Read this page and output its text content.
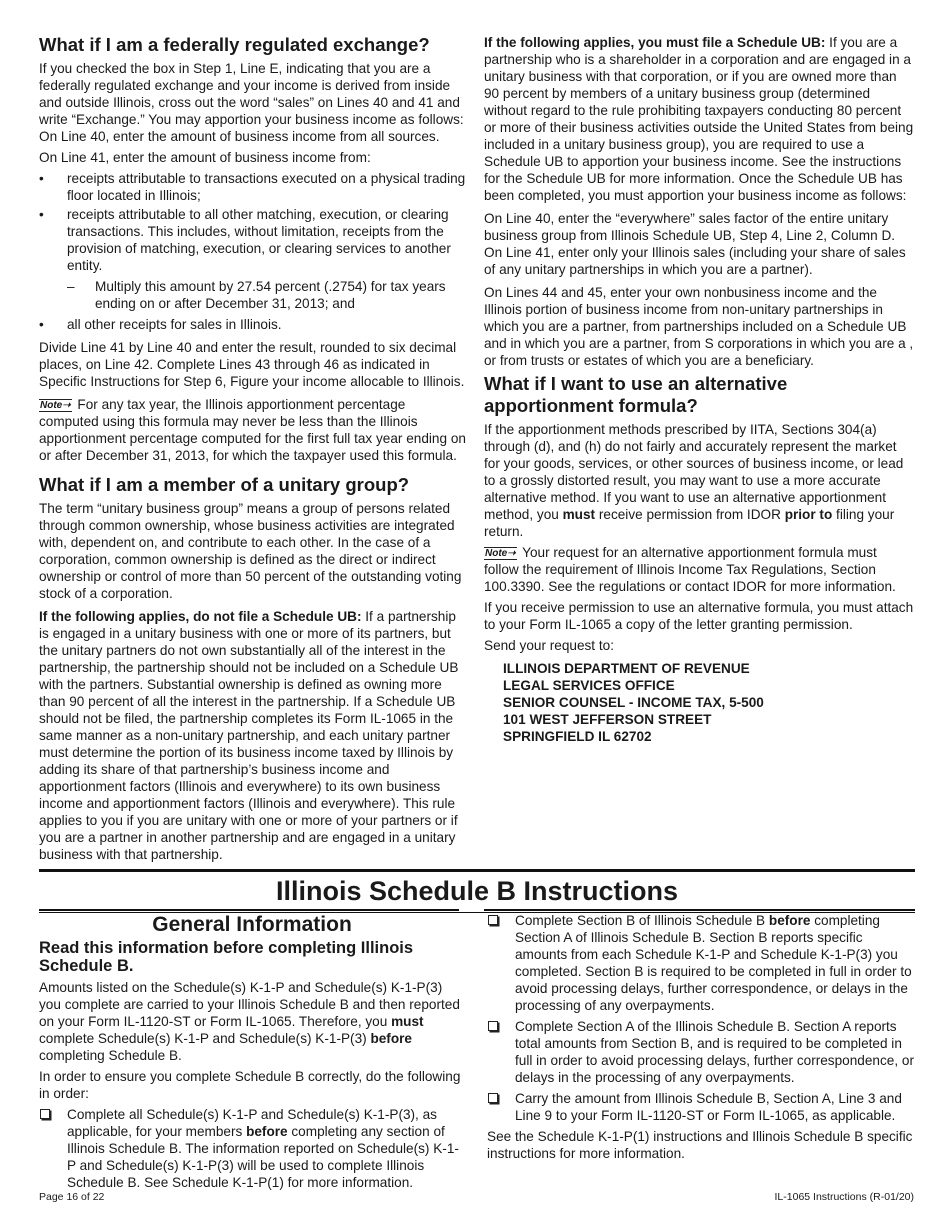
What if I am a federally regulated exchange?

If you checked the box in Step 1, Line E, indicating that you are a federally regulated exchange and your income is derived from inside and outside Illinois, cross out the word “sales” on Lines 40 and 41 and write “Exchange.” You may apportion your business income as follows: On Line 40, enter the amount of business income from all sources.

On Line 41, enter the amount of business income from:

• receipts attributable to transactions executed on a physical trading floor located in Illinois;
• receipts attributable to all other matching, execution, or clearing transactions. This includes, without limitation, receipts from the provision of matching, execution, or clearing services to another entity.
– Multiply this amount by 27.54 percent (.2754) for tax years ending on or after December 31, 2013; and
• all other receipts for sales in Illinois.

Divide Line 41 by Line 40 and enter the result, rounded to six decimal places, on Line 42. Complete Lines 43 through 46 as indicated in Specific Instructions for Step 6, Figure your income allocable to Illinois.

Note➝ For any tax year, the Illinois apportionment percentage computed using this formula may never be less than the Illinois apportionment percentage computed for the first full tax year ending on or after December 31, 2013, for which the taxpayer used this formula.

What if I am a member of a unitary group?

The term “unitary business group” means a group of persons related through common ownership, whose business activities are integrated with, dependent on, and contribute to each other. In the case of a corporation, common ownership is defined as the direct or indirect ownership or control of more than 50 percent of the outstanding voting stock of a corporation.

If the following applies, do not file a Schedule UB: If a partnership is engaged in a unitary business with one or more of its partners, but the unitary partners do not own substantially all of the interest in the partnership, the partnership should not be included on a Schedule UB with the partners. Substantial ownership is defined as owning more than 90 percent of all the interest in the partnership. If a Schedule UB should not be filed, the partnership completes its Form IL-1065 in the same manner as a non-unitary partnership, and each unitary partner must determine the portion of its business income taxed by Illinois by adding its share of that partnership’s business income and apportionment factors (Illinois and everywhere) to its own business income and apportionment factors (Illinois and everywhere). This rule applies to you if you are unitary with one or more of your partners or if you are a partner in another partnership and are engaged in a unitary business with that partnership.

If the following applies, you must file a Schedule UB: If you are a partnership who is a shareholder in a corporation and are engaged in a unitary business with that corporation, or if you are owned more than 90 percent by members of a unitary business group (determined without regard to the rule prohibiting taxpayers conducting 80 percent or more of their business activities outside the United States from being included in a unitary business group), you are required to use a Schedule UB to apportion your business income. See the instructions for the Schedule UB for more information. Once the Schedule UB has been completed, you must apportion your business income as follows:

On Line 40, enter the “everywhere” sales factor of the entire unitary business group from Illinois Schedule UB, Step 4, Line 2, Column D. On Line 41, enter only your Illinois sales (including your share of sales of any unitary partnerships in which you are a partner).

On Lines 44 and 45, enter your own nonbusiness income and the Illinois portion of business income from non-unitary partnerships in which you are a partner, from partnerships included on a Schedule UB and in which you are a partner, from S corporations in which you are a , or from trusts or estates of which you are a beneficiary.

What if I want to use an alternative apportionment formula?

If the apportionment methods prescribed by IITA, Sections 304(a) through (d), and (h) do not fairly and accurately represent the market for your goods, services, or other sources of business income, or lead to a grossly distorted result, you may want to use a more accurate alternative method. If you want to use an alternative apportionment method, you must receive permission from IDOR prior to filing your return.

Note➝ Your request for an alternative apportionment formula must follow the requirement of Illinois Income Tax Regulations, Section 100.3390. See the regulations or contact IDOR for more information.

If you receive permission to use an alternative formula, you must attach to your Form IL-1065 a copy of the letter granting permission.

Send your request to:

ILLINOIS DEPARTMENT OF REVENUE
LEGAL SERVICES OFFICE
SENIOR COUNSEL - INCOME TAX, 5-500
101 WEST JEFFERSON STREET
SPRINGFIELD IL 62702
Illinois Schedule B Instructions
General Information
Read this information before completing Illinois Schedule B.

Amounts listed on the Schedule(s) K-1-P and Schedule(s) K-1-P(3) you complete are carried to your Illinois Schedule B and then reported on your Form IL-1120-ST or Form IL-1065. Therefore, you must complete Schedule(s) K-1-P and Schedule(s) K-1-P(3) before completing Schedule B.

In order to ensure you complete Schedule B correctly, do the following in order:

Complete all Schedule(s) K-1-P and Schedule(s) K-1-P(3), as applicable, for your members before completing any section of Illinois Schedule B. The information reported on Schedule(s) K-1-P and Schedule(s) K-1-P(3) will be used to complete Illinois Schedule B. See Schedule K-1-P(1) for more information.
Complete Section B of Illinois Schedule B before completing Section A of Illinois Schedule B. Section B reports specific amounts from each Schedule K-1-P and Schedule K-1-P(3) you completed. Section B is required to be completed in full in order to avoid processing delays, further correspondence, or delays in the processing of any overpayments.
Complete Section A of the Illinois Schedule B. Section A reports total amounts from Section B, and is required to be completed in full in order to avoid processing delays, further correspondence, or delays in the processing of any overpayments.
Carry the amount from Illinois Schedule B, Section A, Line 3 and Line 9 to your Form IL-1120-ST or Form IL-1065, as applicable.

See the Schedule K-1-P(1) instructions and Illinois Schedule B specific instructions for more information.

Page 16 of 22	IL-1065 Instructions (R-01/20)
